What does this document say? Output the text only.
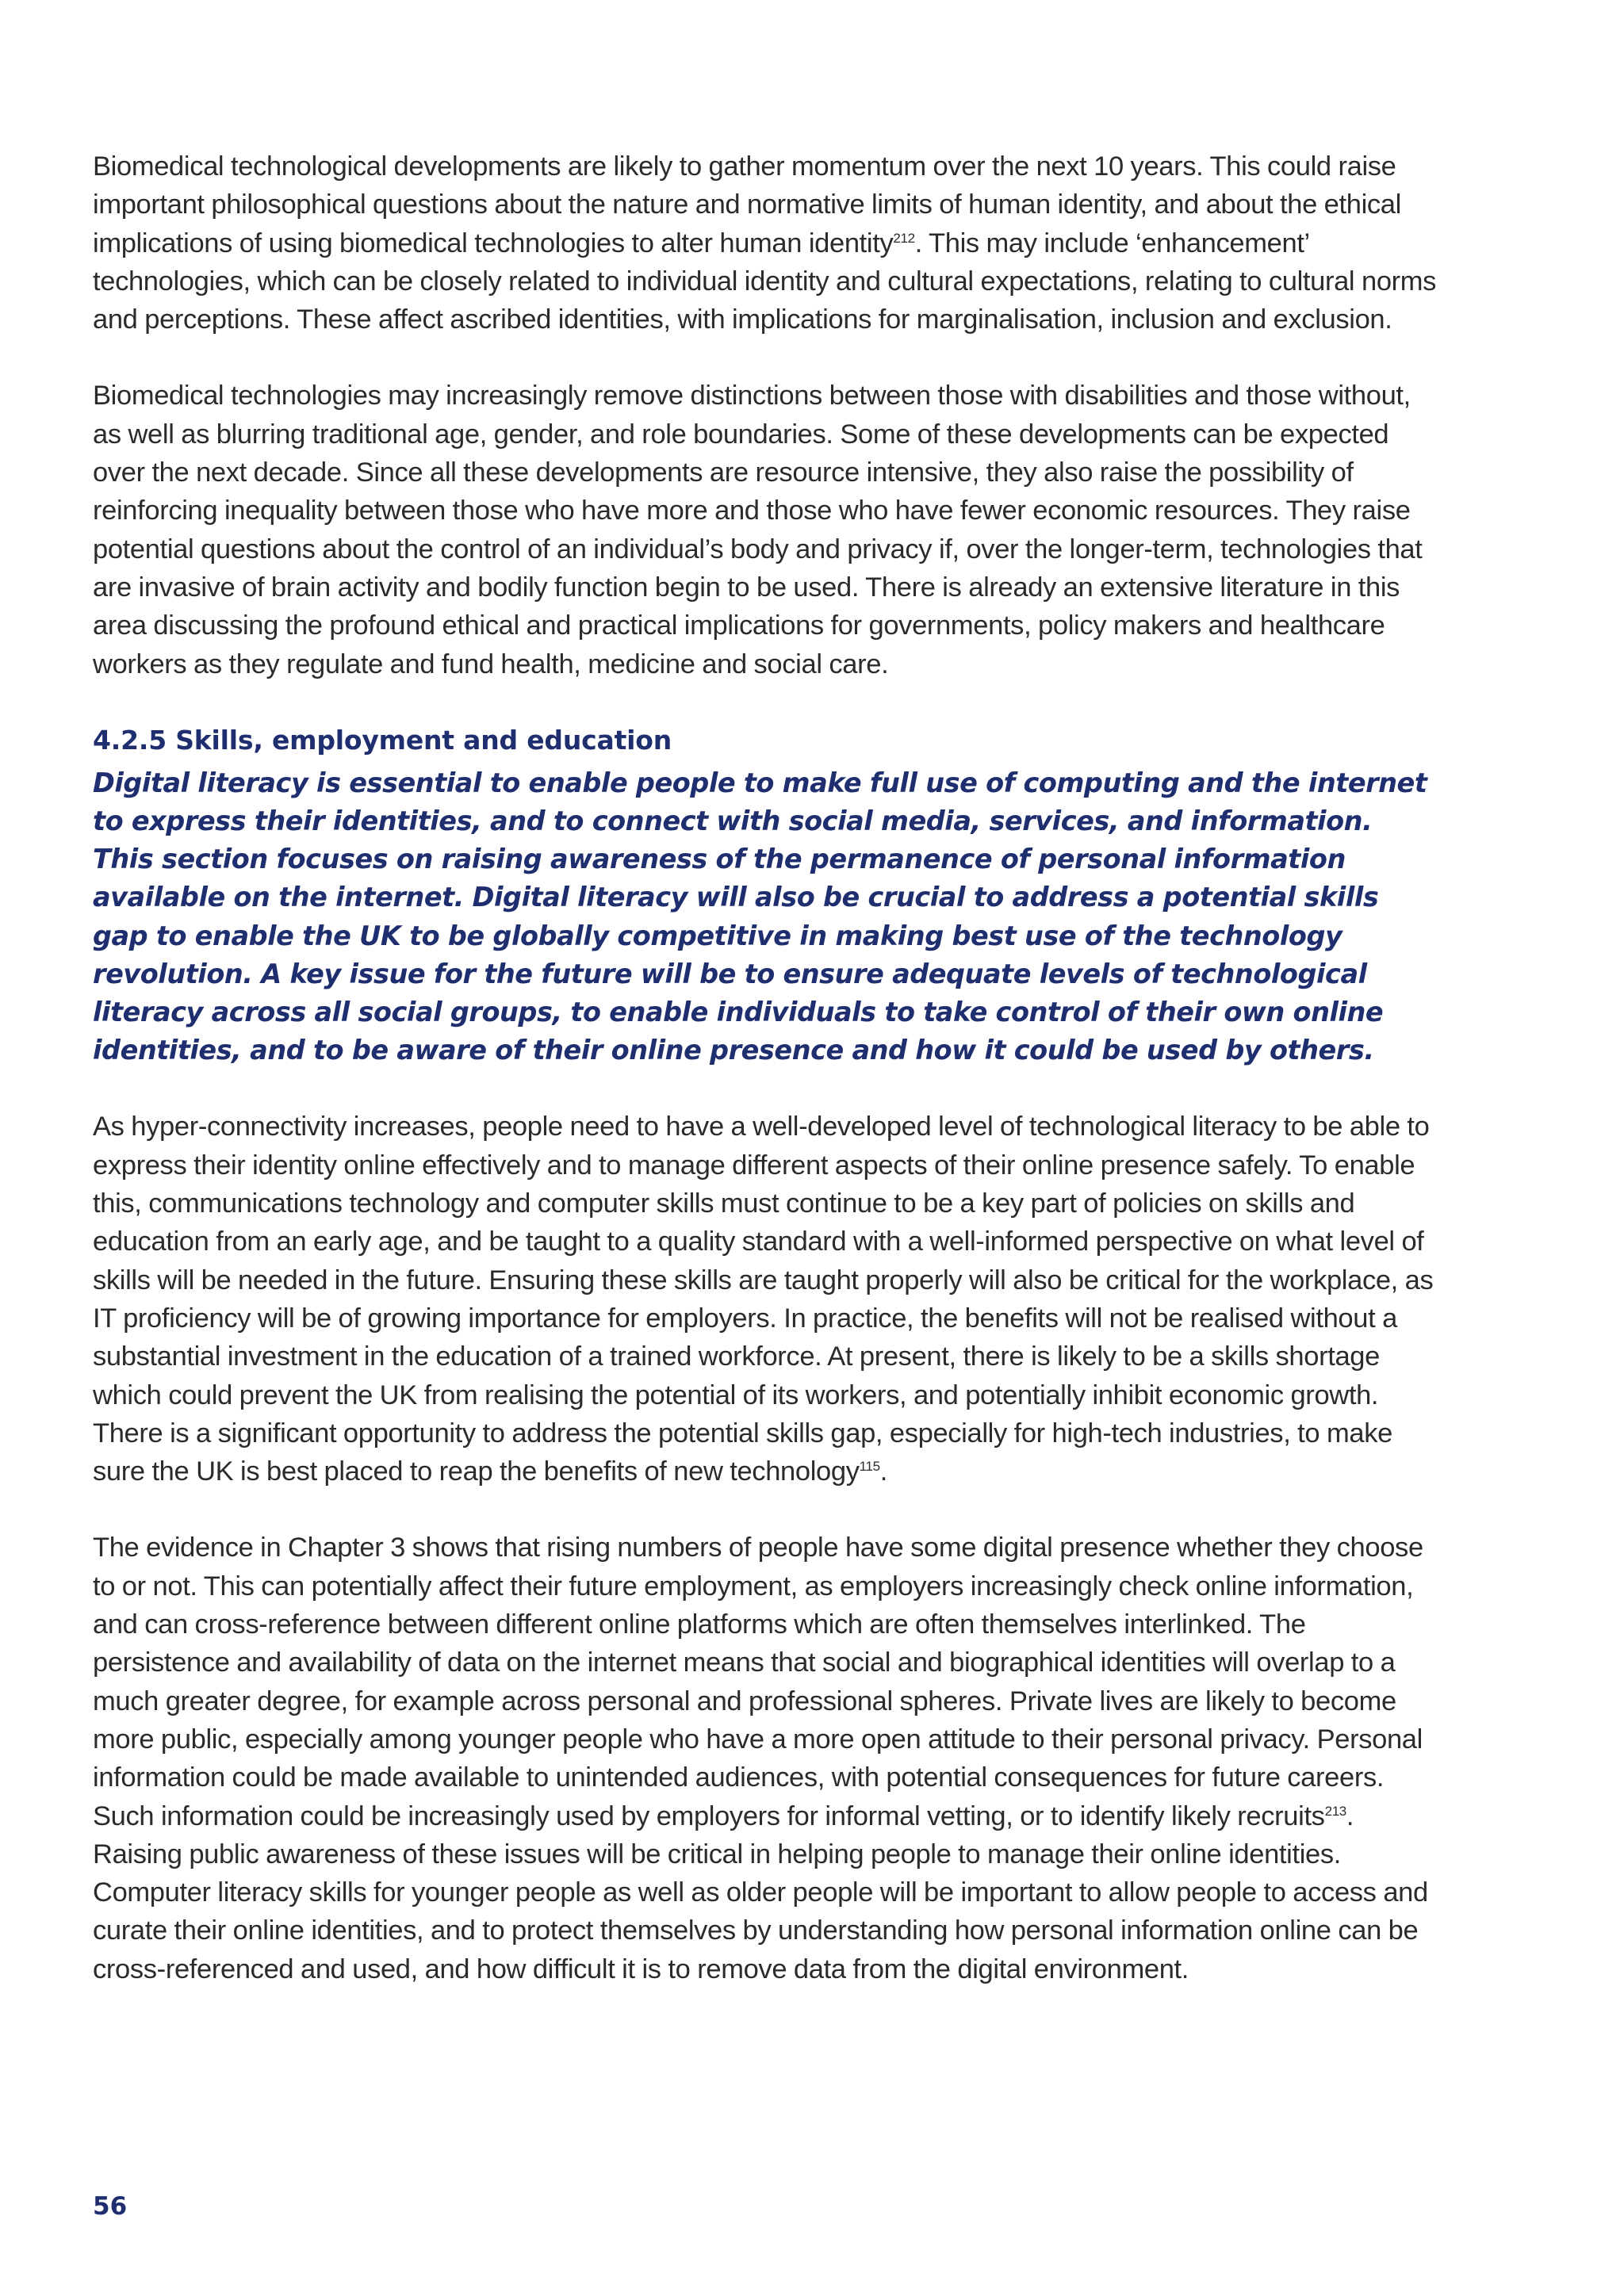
Biomedical technological developments are likely to gather momentum over the next 10 years. This could raise important philosophical questions about the nature and normative limits of human identity, and about the ethical implications of using biomedical technologies to alter human identity$^{212}$. This may include ‘enhancement’ technologies, which can be closely related to individual identity and cultural expectations, relating to cultural norms and perceptions. These affect ascribed identities, with implications for marginalisation, inclusion and exclusion.

Biomedical technologies may increasingly remove distinctions between those with disabilities and those without, as well as blurring traditional age, gender, and role boundaries. Some of these developments can be expected over the next decade. Since all these developments are resource intensive, they also raise the possibility of reinforcing inequality between those who have more and those who have fewer economic resources. They raise potential questions about the control of an individual’s body and privacy if, over the longer-term, technologies that are invasive of brain activity and bodily function begin to be used. There is already an extensive literature in this area discussing the profound ethical and practical implications for governments, policy makers and healthcare workers as they regulate and fund health, medicine and social care.

4.2.5 Skills, employment and education

Digital literacy is essential to enable people to make full use of computing and the internet to express their identities, and to connect with social media, services, and information. This section focuses on raising awareness of the permanence of personal information available on the internet. Digital literacy will also be crucial to address a potential skills gap to enable the UK to be globally competitive in making best use of the technology revolution. A key issue for the future will be to ensure adequate levels of technological literacy across all social groups, to enable individuals to take control of their own online identities, and to be aware of their online presence and how it could be used by others.

As hyper-connectivity increases, people need to have a well-developed level of technological literacy to be able to express their identity online effectively and to manage different aspects of their online presence safely. To enable this, communications technology and computer skills must continue to be a key part of policies on skills and education from an early age, and be taught to a quality standard with a well-informed perspective on what level of skills will be needed in the future. Ensuring these skills are taught properly will also be critical for the workplace, as IT proficiency will be of growing importance for employers. In practice, the benefits will not be realised without a substantial investment in the education of a trained workforce. At present, there is likely to be a skills shortage which could prevent the UK from realising the potential of its workers, and potentially inhibit economic growth. There is a significant opportunity to address the potential skills gap, especially for high-tech industries, to make sure the UK is best placed to reap the benefits of new technology$^{115}$.

The evidence in Chapter 3 shows that rising numbers of people have some digital presence whether they choose to or not. This can potentially affect their future employment, as employers increasingly check online information, and can cross-reference between different online platforms which are often themselves interlinked. The persistence and availability of data on the internet means that social and biographical identities will overlap to a much greater degree, for example across personal and professional spheres. Private lives are likely to become more public, especially among younger people who have a more open attitude to their personal privacy. Personal information could be made available to unintended audiences, with potential consequences for future careers. Such information could be increasingly used by employers for informal vetting, or to identify likely recruits$^{213}$. Raising public awareness of these issues will be critical in helping people to manage their online identities. Computer literacy skills for younger people as well as older people will be important to allow people to access and curate their online identities, and to protect themselves by understanding how personal information online can be cross-referenced and used, and how difficult it is to remove data from the digital environment.

56
